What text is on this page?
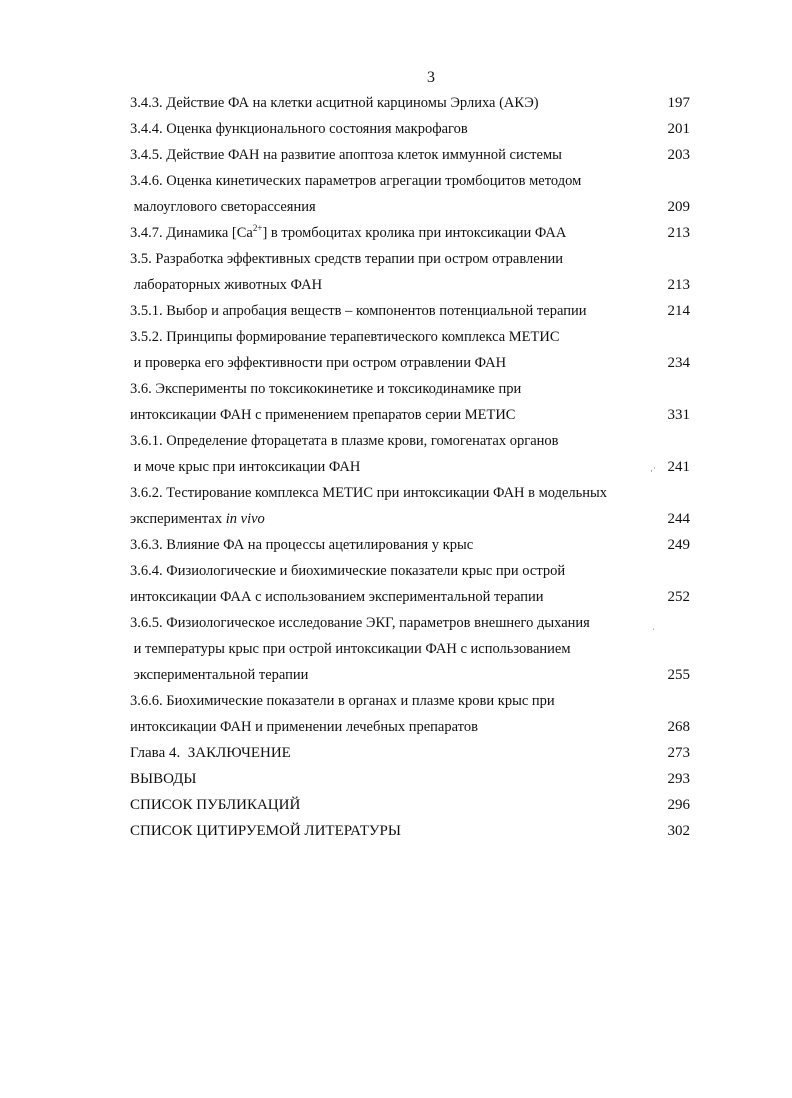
3
3.4.3. Действие ФА на клетки асцитной карциномы Эрлиха (АКЭ)	197
3.4.4. Оценка функционального состояния макрофагов	201
3.4.5. Действие ФАН на развитие апоптоза клеток иммунной системы	203
3.4.6. Оценка кинетических параметров агрегации тромбоцитов методом
малоуглового светорассеяния	209
3.4.7. Динамика $[Ca^{2+}]$ в тромбоцитах кролика при интоксикации ФАА	213
3.5. Разработка эффективных средств терапии при остром отравлении
лабораторных животных ФАН	213
3.5.1. Выбор и апробация веществ – компонентов потенциальной терапии	214
3.5.2. Принципы формирование терапевтического комплекса МЕТИС
и проверка его эффективности при остром отравлении ФАН	234
3.6. Эксперименты по токсикокинетике и токсикодинамике при
интоксикации ФАН с применением препаратов серии МЕТИС	331
3.6.1. Определение фторацетата в плазме крови, гомогенатах органов
и моче крыс при интоксикации ФАН	241
3.6.2. Тестирование комплекса МЕТИС при интоксикации ФАН в модельных
экспериментах in vivo	244
3.6.3. Влияние ФА на процессы ацетилирования у крыс	249
3.6.4. Физиологические и биохимические показатели крыс при острой
интоксикации ФАА с использованием экспериментальной терапии	252
3.6.5. Физиологическое исследование ЭКГ, параметров внешнего дыхания
и температуры крыс при острой интоксикации ФАН с использованием
экспериментальной терапии	255
3.6.6. Биохимические показатели в органах и плазме крови крыс при
интоксикации ФАН и применении лечебных препаратов	268
Глава 4.  ЗАКЛЮЧЕНИЕ	273
ВЫВОДЫ	293
СПИСОК ПУБЛИКАЦИЙ	296
СПИСОК ЦИТИРУЕМОЙ ЛИТЕРАТУРЫ	302
·˙
ˌ
